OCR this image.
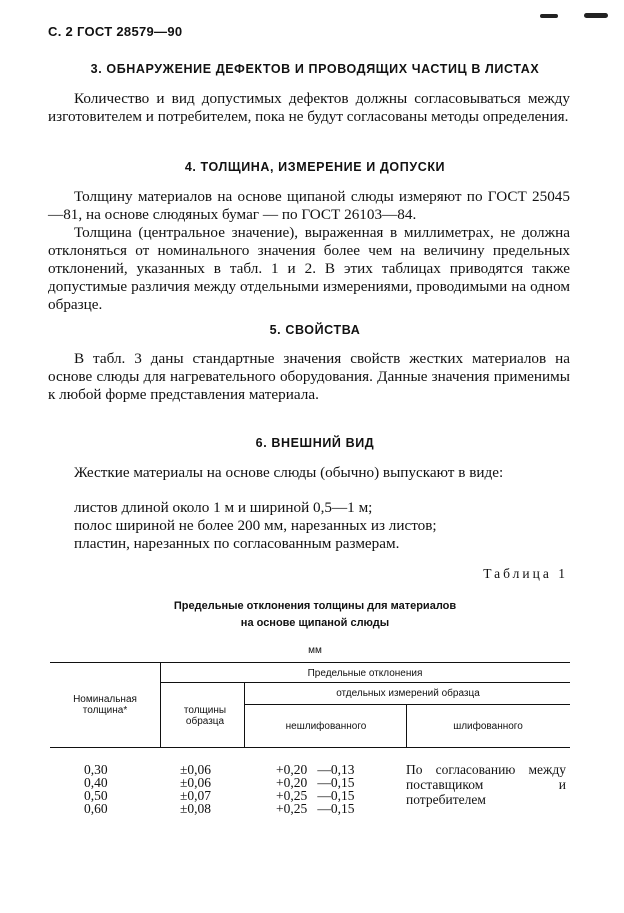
С. 2 ГОСТ 28579—90
3. ОБНАРУЖЕНИЕ ДЕФЕКТОВ И ПРОВОДЯЩИХ ЧАСТИЦ В ЛИСТАХ
Количество и вид допустимых дефектов должны согласовываться между изготовителем и потребителем, пока не будут согласованы методы определения.
4. ТОЛЩИНА, ИЗМЕРЕНИЕ И ДОПУСКИ
Толщину материалов на основе щипаной слюды измеряют по ГОСТ 25045—81, на основе слюдяных бумаг — по ГОСТ 26103—84.
Толщина (центральное значение), выраженная в миллиметрах, не должна отклоняться от номинального значения более чем на величину предельных отклонений, указанных в табл. 1 и 2. В этих таблицах приводятся также допустимые различия между отдельными измерениями, проводимыми на одном образце.
5. СВОЙСТВА
В табл. 3 даны стандартные значения свойств жестких материалов на основе слюды для нагревательного оборудования. Данные значения применимы к любой форме представления материала.
6. ВНЕШНИЙ ВИД
Жесткие материалы на основе слюды (обычно) выпускают в виде:
листов длиной около 1 м и шириной 0,5—1 м;
полос шириной не более 200 мм, нарезанных из листов;
пластин, нарезанных по согласованным размерам.
Таблица 1
Предельные отклонения толщины для материалов
на основе щипаной слюды
мм
Номинальная толщина*
Предельные отклонения
толщины образца
отдельных измерений образца
нешлифованного	шлифованного
0,30	±0,06	+0,20   —0,13
0,40	±0,06	+0,20   —0,15
0,50	±0,07	+0,25   —0,15
0,60	±0,08	+0,25   —0,15
По согласованию между поставщиком и потребителем
